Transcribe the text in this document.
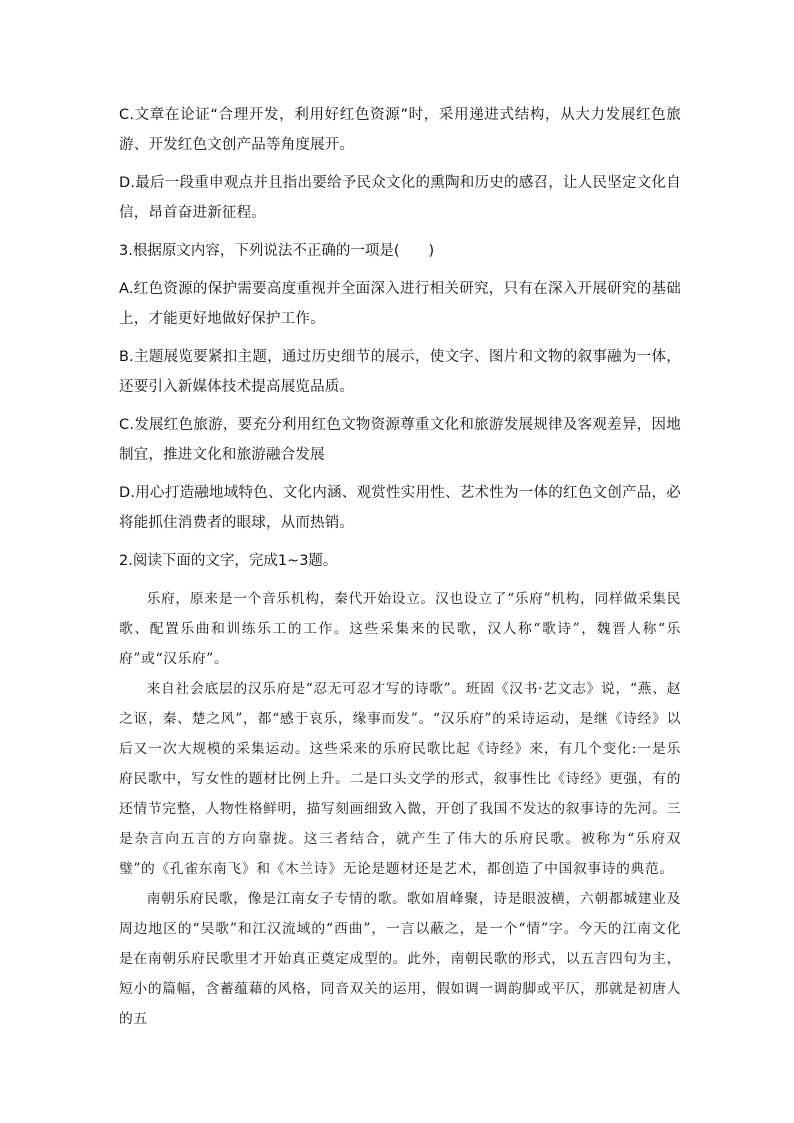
C.文章在论证“合理开发，利用好红色资源”时，采用递进式结构，从大力发展红色旅游、开发红色文创产品等角度展开。

D.最后一段重申观点并且指出要给予民众文化的熏陶和历史的感召，让人民坚定文化自信，昂首奋进新征程。

3.根据原文内容，下列说法不正确的一项是(　　)

A.红色资源的保护需要高度重视并全面深入进行相关研究，只有在深入开展研究的基础上，才能更好地做好保护工作。

B.主题展览要紧扣主题，通过历史细节的展示，使文字、图片和文物的叙事融为一体，还要引入新媒体技术提高展览品质。

C.发展红色旅游，要充分利用红色文物资源尊重文化和旅游发展规律及客观差异，因地制宜，推进文化和旅游融合发展

D.用心打造融地域特色、文化内涵、观赏性实用性、艺术性为一体的红色文创产品，必将能抓住消费者的眼球，从而热销。

2.阅读下面的文字，完成1~3题。

乐府，原来是一个音乐机构，秦代开始设立。汉也设立了“乐府”机构，同样做采集民歌、配置乐曲和训练乐工的工作。这些采集来的民歌，汉人称“歌诗”，魏晋人称“乐府”或“汉乐府”。

来自社会底层的汉乐府是“忍无可忍才写的诗歌”。班固《汉书·艺文志》说，“燕、赵之讴，秦、楚之风”，都“感于哀乐，缘事而发”。“汉乐府”的采诗运动，是继《诗经》以后又一次大规模的采集运动。这些采来的乐府民歌比起《诗经》来，有几个变化:一是乐府民歌中，写女性的题材比例上升。二是口头文学的形式，叙事性比《诗经》更强，有的还情节完整，人物性格鲜明，描写刻画细致入微，开创了我国不发达的叙事诗的先河。三是杂言向五言的方向靠拢。这三者结合，就产生了伟大的乐府民歌。被称为“乐府双璧”的《孔雀东南飞》和《木兰诗》无论是题材还是艺术，都创造了中国叙事诗的典范。

南朝乐府民歌，像是江南女子专情的歌。歌如眉峰聚，诗是眼波横，六朝都城建业及周边地区的“吴歌”和江汉流域的“西曲”，一言以蔽之，是一个“情”字。今天的江南文化是在南朝乐府民歌里才开始真正奠定成型的。此外，南朝民歌的形式，以五言四句为主，短小的篇幅，含蓄蕴藉的风格，同音双关的运用，假如调一调韵脚或平仄，那就是初唐人的五
